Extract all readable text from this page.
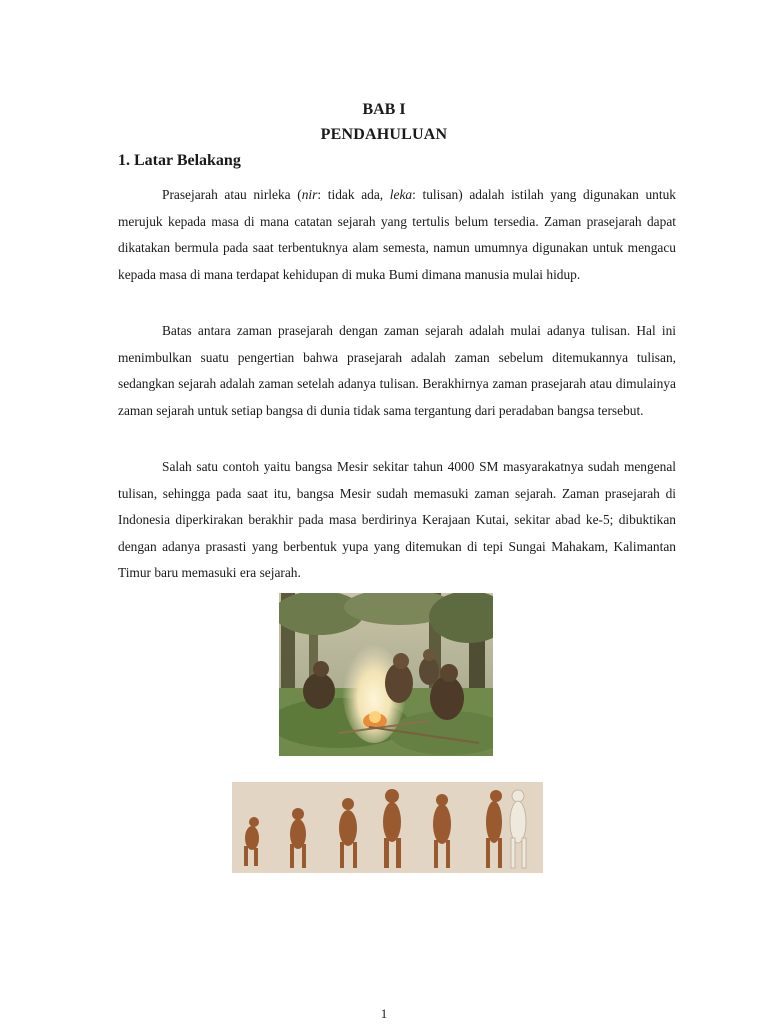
BAB I
PENDAHULUAN
1. Latar Belakang

Prasejarah atau nirleka (nir: tidak ada, leka: tulisan) adalah istilah yang digunakan untuk merujuk kepada masa di mana catatan sejarah yang tertulis belum tersedia. Zaman prasejarah dapat dikatakan bermula pada saat terbentuknya alam semesta, namun umumnya digunakan untuk mengacu kepada masa di mana terdapat kehidupan di muka Bumi dimana manusia mulai hidup.

Batas antara zaman prasejarah dengan zaman sejarah adalah mulai adanya tulisan. Hal ini menimbulkan suatu pengertian bahwa prasejarah adalah zaman sebelum ditemukannya tulisan, sedangkan sejarah adalah zaman setelah adanya tulisan. Berakhirnya zaman prasejarah atau dimulainya zaman sejarah untuk setiap bangsa di dunia tidak sama tergantung dari peradaban bangsa tersebut.

Salah satu contoh yaitu bangsa Mesir sekitar tahun 4000 SM masyarakatnya sudah mengenal tulisan, sehingga pada saat itu, bangsa Mesir sudah memasuki zaman sejarah. Zaman prasejarah di Indonesia diperkirakan berakhir pada masa berdirinya Kerajaan Kutai, sekitar abad ke-5; dibuktikan dengan adanya prasasti yang berbentuk yupa yang ditemukan di tepi Sungai Mahakam, Kalimantan Timur baru memasuki era sejarah.

1
